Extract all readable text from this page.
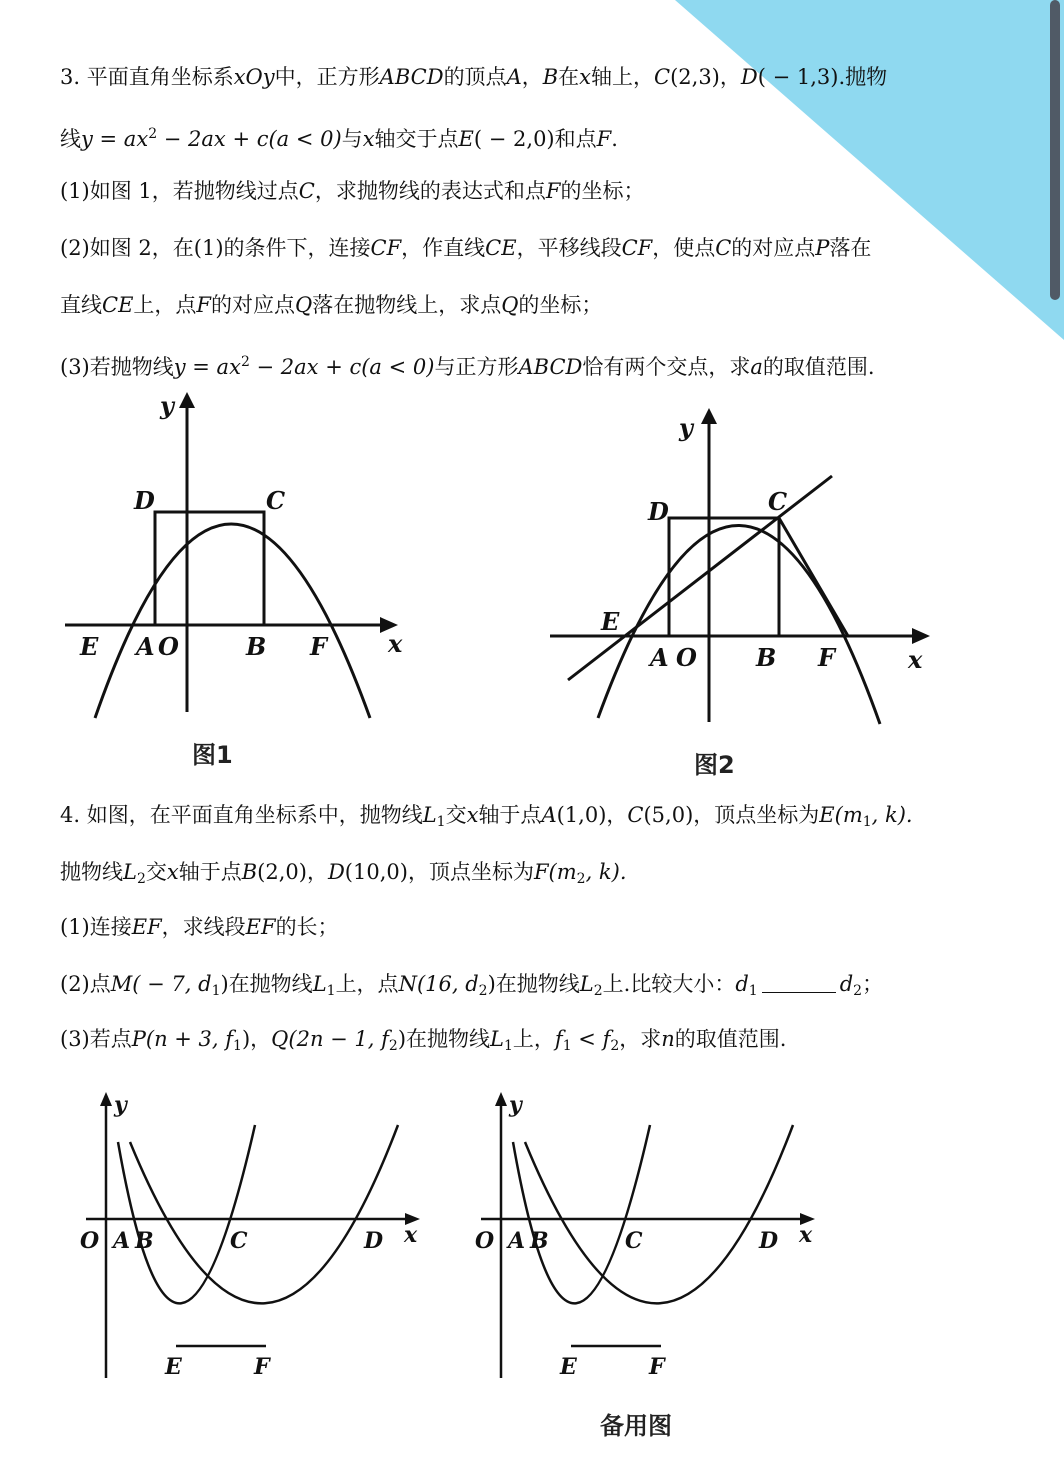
3. 平面直角坐标系xOy中，正方形ABCD的顶点A，B在x轴上，C(2,3)，D( − 1,3).抛物
线$y = ax^2 - 2ax + c(a < 0)$与x轴交于点E( − 2,0)和点F.
(1)如图 1，若抛物线过点C，求抛物线的表达式和点F的坐标；
(2)如图 2，在(1)的条件下，连接CF，作直线CE，平移线段CF，使点C的对应点P落在
直线CE上，点F的对应点Q落在抛物线上，求点Q的坐标；
(3)若抛物线$y = ax^2 - 2ax + c(a < 0)$与正方形ABCD恰有两个交点，求a的取值范围.
y
x
D	C
E A O	B F
图1
y
x
D	C
E
A O B F
图2
4. 如图，在平面直角坐标系中，抛物线$L_1$交x轴于点A(1,0)，C(5,0)，顶点坐标为$E(m_1$, k).
抛物线$L_2$交x轴于点B(2,0)，D(10,0)，顶点坐标为$F(m_2$, k).
(1)连接EF，求线段EF的长；
(2)点M( − 7, $d_1$)在抛物线$L_1$上，点N(16, $d_2$)在抛物线$L_2$上.比较大小：$d_1$	$d_2$；
(3)若点P(n + 3, $f_1$)，Q(2n − 1, $f_2$)在抛物线$L_1$上，$f_1 < f_2$，求n的取值范围.
y
x
O A B	C	D
E	F
y
x
O A B	C	D
E	F
备用图
